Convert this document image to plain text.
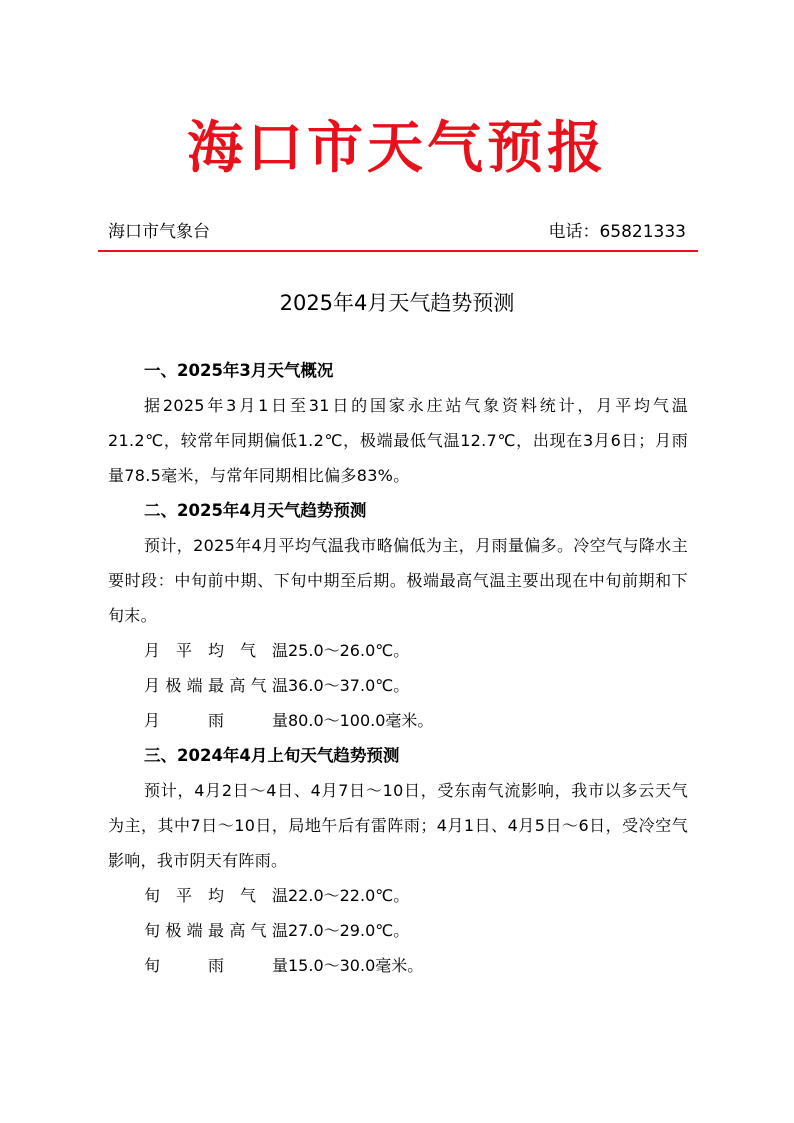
海口市天气预报
海口市气象台	电话：65821333
2025年4月天气趋势预测
一、2025年3月天气概况

据2025年3月1日至31日的国家永庄站气象资料统计，月平均气温21.2℃，较常年同期偏低1.2℃，极端最低气温12.7℃，出现在3月6日；月雨量78.5毫米，与常年同期相比偏多83%。

二、2025年4月天气趋势预测

预计，2025年4月平均气温我市略偏低为主，月雨量偏多。冷空气与降水主要时段：中旬前中期、下旬中期至后期。极端最高气温主要出现在中旬前期和下旬末。

月 平 均 气 温 25.0～26.0℃。
月 极 端 最 高 气 温 36.0～37.0℃。
月	雨	量 80.0～100.0毫米。
三、2024年4月上旬天气趋势预测

预计，4月2日～4日、4月7日～10日，受东南气流影响，我市以多云天气为主，其中7日～10日，局地午后有雷阵雨；4月1日、4月5日～6日，受冷空气影响，我市阴天有阵雨。

旬 平 均 气 温 22.0～22.0℃。
旬 极 端 最 高 气 温 27.0～29.0℃。
旬	雨	量 15.0～30.0毫米。
